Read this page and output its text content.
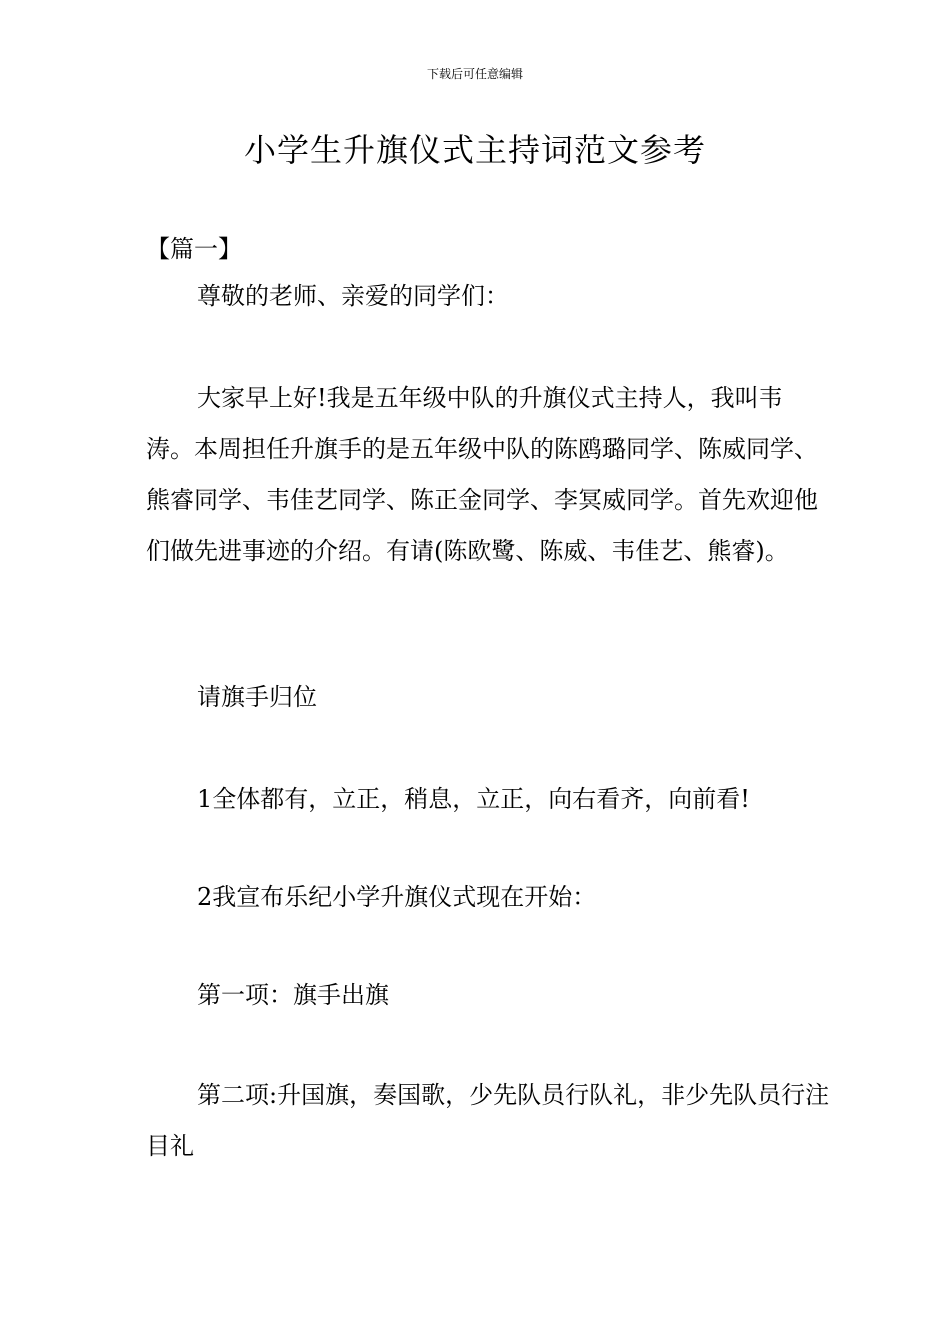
下载后可任意编辑
小学生升旗仪式主持词范文参考
【篇一】
尊敬的老师、亲爱的同学们：
大家早上好!我是五年级中队的升旗仪式主持人，我叫韦涛。本周担任升旗手的是五年级中队的陈鸥璐同学、陈威同学、熊睿同学、韦佳艺同学、陈正金同学、李冥威同学。首先欢迎他们做先进事迹的介绍。有请(陈欧鹭、陈威、韦佳艺、熊睿)。
请旗手归位
1全体都有，立正，稍息，立正，向右看齐，向前看!
2我宣布乐纪小学升旗仪式现在开始：
第一项：旗手出旗
第二项:升国旗，奏国歌，少先队员行队礼，非少先队员行注目礼
